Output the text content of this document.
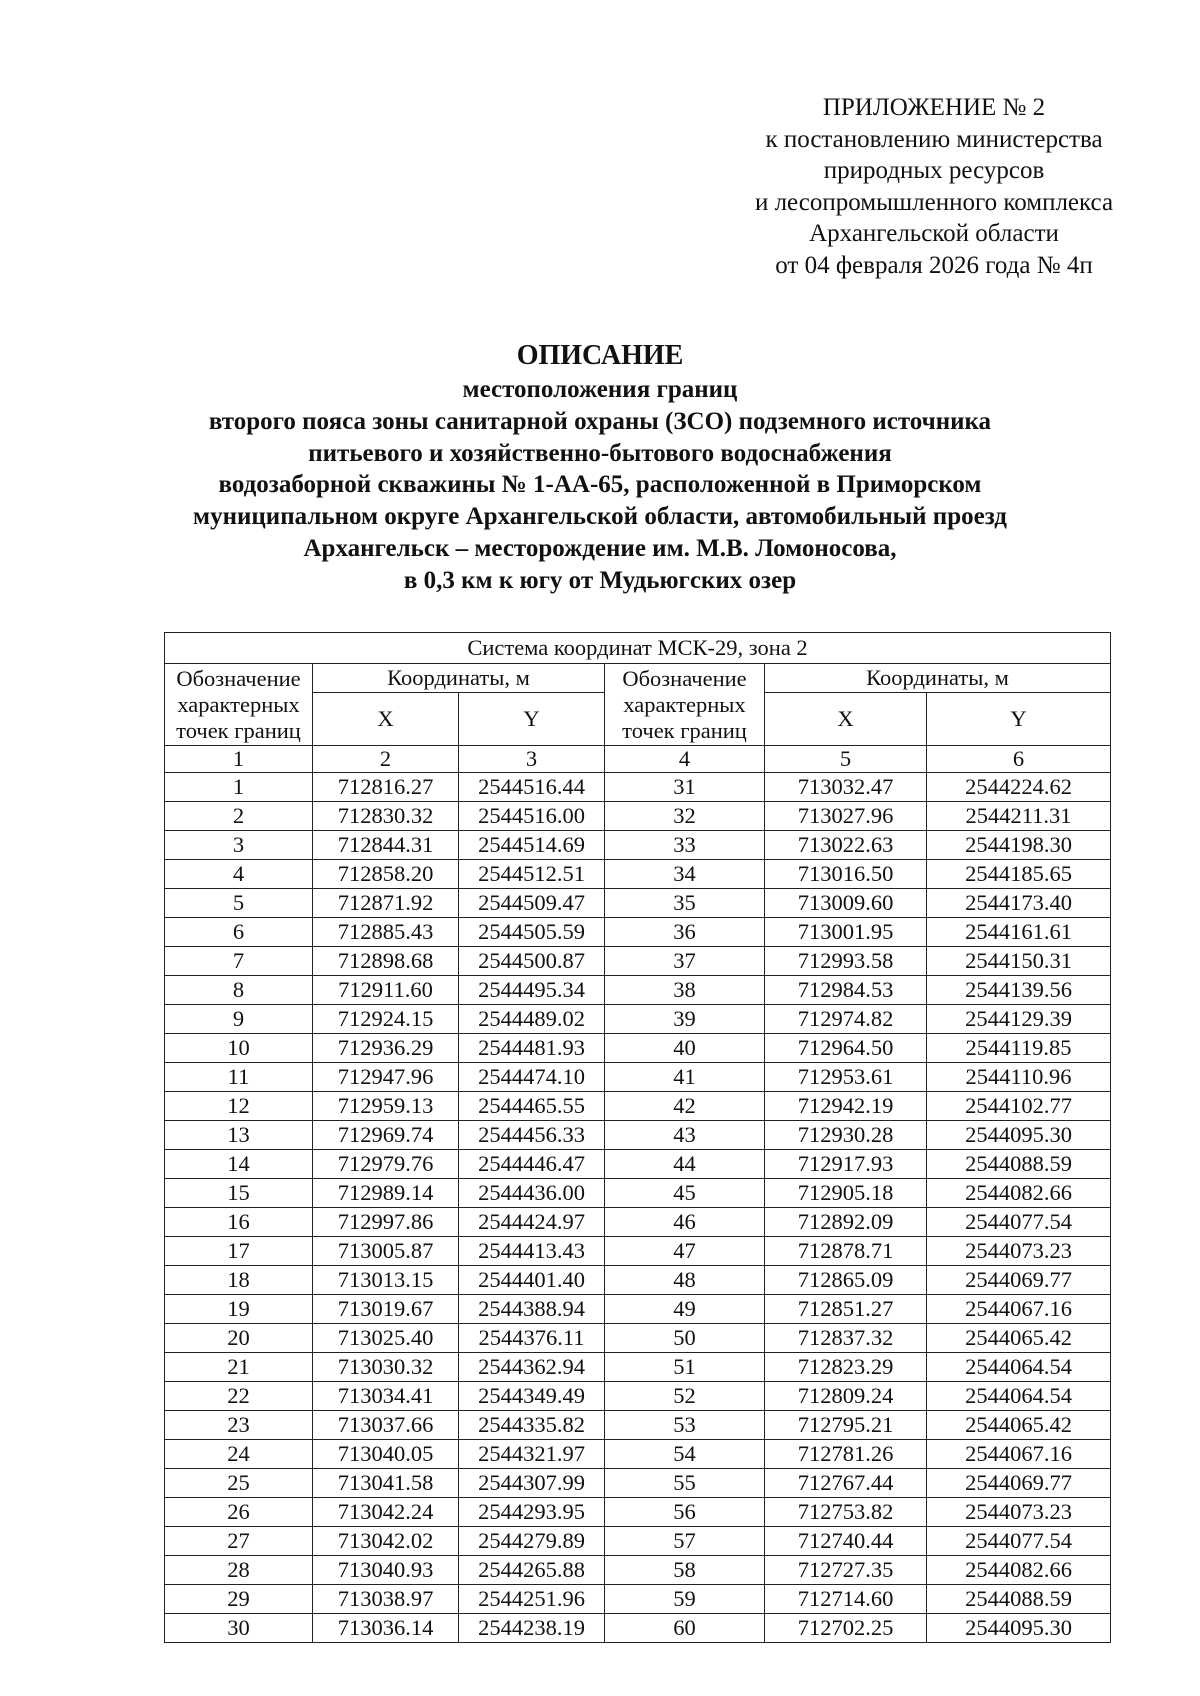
ПРИЛОЖЕНИЕ № 2
к постановлению министерства
природных ресурсов
и лесопромышленного комплекса
Архангельской области
от 04 февраля 2026 года № 4п
ОПИСАНИЕ
местоположения границ
второго пояса зоны санитарной охраны (ЗСО) подземного источника
питьевого и хозяйственно-бытового водоснабжения
водозаборной скважины № 1-АА-65, расположенной в Приморском
муниципальном округе Архангельской области, автомобильный проезд
Архангельск – месторождение им. М.В. Ломоносова,
в 0,3 км к югу от Мудьюгских озер
Система координат МСК-29, зона 2					
Обозначение характерных точек границ	Координаты, м		Обозначение характерных точек границ	Координаты, м	
	X	Y		X	Y
1	2	3	4	5	6
1	712816.27	2544516.44	31	713032.47	2544224.62
2	712830.32	2544516.00	32	713027.96	2544211.31
3	712844.31	2544514.69	33	713022.63	2544198.30
4	712858.20	2544512.51	34	713016.50	2544185.65
5	712871.92	2544509.47	35	713009.60	2544173.40
6	712885.43	2544505.59	36	713001.95	2544161.61
7	712898.68	2544500.87	37	712993.58	2544150.31
8	712911.60	2544495.34	38	712984.53	2544139.56
9	712924.15	2544489.02	39	712974.82	2544129.39
10	712936.29	2544481.93	40	712964.50	2544119.85
11	712947.96	2544474.10	41	712953.61	2544110.96
12	712959.13	2544465.55	42	712942.19	2544102.77
13	712969.74	2544456.33	43	712930.28	2544095.30
14	712979.76	2544446.47	44	712917.93	2544088.59
15	712989.14	2544436.00	45	712905.18	2544082.66
16	712997.86	2544424.97	46	712892.09	2544077.54
17	713005.87	2544413.43	47	712878.71	2544073.23
18	713013.15	2544401.40	48	712865.09	2544069.77
19	713019.67	2544388.94	49	712851.27	2544067.16
20	713025.40	2544376.11	50	712837.32	2544065.42
21	713030.32	2544362.94	51	712823.29	2544064.54
22	713034.41	2544349.49	52	712809.24	2544064.54
23	713037.66	2544335.82	53	712795.21	2544065.42
24	713040.05	2544321.97	54	712781.26	2544067.16
25	713041.58	2544307.99	55	712767.44	2544069.77
26	713042.24	2544293.95	56	712753.82	2544073.23
27	713042.02	2544279.89	57	712740.44	2544077.54
28	713040.93	2544265.88	58	712727.35	2544082.66
29	713038.97	2544251.96	59	712714.60	2544088.59
30	713036.14	2544238.19	60	712702.25	2544095.30
